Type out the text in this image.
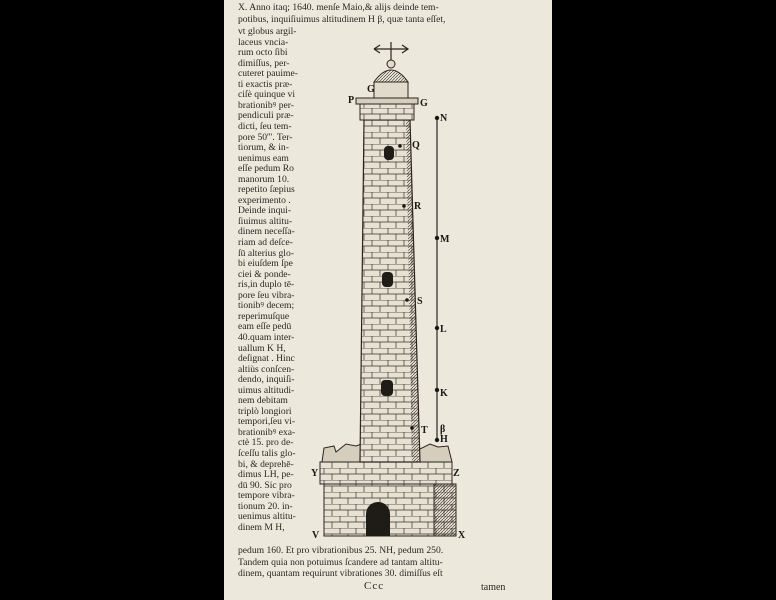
X. Anno itaq; 1640. menſe Maio,& alijs deinde tem-
potibus, inquiſiuimus altitudinem H β, quæ tanta eſſet,
vt globus argil-
laceus vncia-
rum octo ſibi
dimiſſus, per-
cuteret pauime-
ti exactis præ-
ciſè quinque vi
brationibꝰ per-
pendiculi præ-
dicti, ſeu tem-
pore 50'''. Ter-
tiorum, & in-
uenimus eam
eſſe pedum Ro
manorum 10.
repetito ſæpius
experimento .
Deinde inqui-
ſiuimus altitu-
dinem neceſſa-
riam ad deſce-
ſū alterius glo-
bi eiuſdem ſpe
ciei & ponde-
ris,in duplo tē-
pore ſeu vibra-
tionibꝰ decem;
reperimuſque
eam eſſe pedū
40.quam inter-
uallum K H,
deſignat . Hinc
altiùs conſcen-
dendo, inquiſi-
uimus altitudi-
nem debitam
triplò longiori
tempori,ſeu vi-
brationibꝰ exa-
ctè 15. pro de-
ſceſſu talis glo-
bi, & deprehē-
dimus LH, pe-
dū 90. Sic pro
tempore vibra-
tionum 20. in-
uenimus altitu-
dinem M H,
pedum 160. Et pro vibrationibus 25. NH, pedum 250.
Tandem quia non potuimus ſcandere ad tantam altitu-
dinem, quantam requirunt vibrationes 30. dimiſſus eſt
N
M
L
K
H
β
Q
R
S
T
P
G
G
Y	Z
V	X
Ccc	tamen
